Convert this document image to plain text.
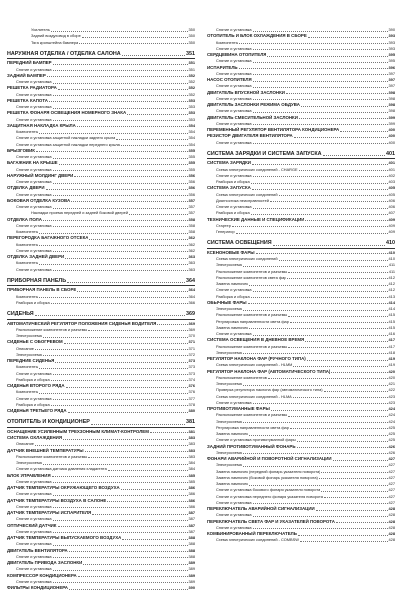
Усилитель	350
Задний воздуховод в сборе	350
Тяга кронштейна бампера	350
НАРУЖНАЯ ОТДЕЛКА / ОТДЕЛКА САЛОНА	351
ПЕРЕДНИЙ БАМПЕР	351
Снятие и установка	351
ЗАДНИЙ БАМПЕР	352
Снятие и установка	352
РЕШЕТКА РАДИАТОРА	352
Снятие и установка	352
РЕШЕТКА КАПОТА	353
Снятие и установка	353
РЕШЕТКА ФОНАРЯ ОСВЕЩЕНИЯ НОМЕРНОГО ЗНАКА	353
Снятие и установка	353
ЗАЩИТНАЯ НАКЛАДКА КРЫЛА	354
Компоненты	354
Снятие и установка защитной накладки заднего крыла	354
Снятие и установка защитной накладки переднего крыла	354
БРЫЗГОВИК	355
Снятие и установка	355
БАГАЖНИК НА КРЫШЕ	355
Снятие и установка	355
НАРУЖНЫЙ МОЛДИНГ ДВЕРИ	356
Снятие и установка	356
ОТДЕЛКА ДВЕРИ	356
Снятие и установка	356
БОКОВАЯ ОТДЕЛКА КУЗОВА	357
Снятие и установка	357
Накладки проема передней и задней боковой дверей	357
ОТДЕЛКА ПОЛА	358
Снятие и установка	358
Компоненты	358
ПЕРЕГОРОДКА БАГАЖНОГО ОТСЕКА	362
Компоненты	362
Снятие и установка	362
ОТДЕЛКА ЗАДНЕЙ ДВЕРИ	363
Компоненты	363
Снятие и установка	363
ПРИБОРНАЯ ПАНЕЛЬ	364
ПРИБОРНАЯ ПАНЕЛЬ В СБОРЕ	364
Компоненты	364
Разборка и сборка	366
СИДЕНЬЯ	369
АВТОМАТИЧЕСКИЙ РЕГУЛЯТОР ПОЛОЖЕНИЯ СИДЕНЬЯ ВОДИТЕЛЯ	369
Расположение компонентов и разъемы	369
Электросхема	370
СИДЕНЬЕ С ОБОГРЕВОМ	371
Описание	371
Электросхема	372
ПЕРЕДНИЕ СИДЕНЬЯ	373
Компоненты	373
Снятие и установка	373
Разборка и сборка	374
СИДЕНЬЯ ВТОРОГО РЯДА	376
Компоненты	376
Снятие и установка	377
Разборка и сборка	378
СИДЕНЬЯ ТРЕТЬЕГО РЯДА	380
ОТОПИТЕЛЬ И КОНДИЦИОНЕР	381
ОСНАЩЕНИЕ УСИЛЕННЫМ ТРЕХЗОННЫМ КЛИМАТ-КОНТРОЛЕМ	381
СИСТЕМА ОХЛАЖДЕНИЯ	383
Описание	383
ДАТЧИК ВНЕШНЕЙ ТЕМПЕРАТУРЫ	383
Расположение компонентов и разъемы	383
Электросхема	384
Снятие и установка датчика давления хладагента	384
БЛОК УПРАВЛЕНИЯ	385
Снятие и установка	385
ДАТЧИК ТЕМПЕРАТУРЫ ОКРУЖАЮЩЕГО ВОЗДУХА	386
Снятие и установка	386
ДАТЧИК ТЕМПЕРАТУРЫ ВОЗДУХА В САЛОНЕ	386
Снятие и установка	386
ДАТЧИК ТЕМПЕРАТУРЫ ИСПАРИТЕЛЯ	387
Снятие и установка	387
ОПТИЧЕСКИЙ ДАТЧИК	387
Снятие и установка	387
ДАТЧИК ТЕМПЕРАТУРЫ ВЫПУСКАЕМОГО ВОЗДУХА	388
Снятие и установка	388
ДВИГАТЕЛЬ ВЕНТИЛЯТОРА	388
Снятие и установка	388
ДВИГАТЕЛЬ ПРИВОДА ЗАСЛОНКИ	389
Снятие и установка	389
КОМПРЕССОР КОНДИЦИОНЕРА	389
Снятие и установка	389
ФИЛЬТРЫ КОНДИЦИОНЕРА	390
Снятие и установка	390
ОТОПИТЕЛЬ И БЛОК ОХЛАЖДЕНИЯ В СБОРЕ	393
Компоненты	393
Снятие и установка	393
СЕРДЦЕВИНА ОТОПИТЕЛЯ	395
Снятие и установка	395
ИСПАРИТЕЛЬ	396
Снятие и установка	397
НАСОС ОТОПИТЕЛЯ	397
Снятие и установка	397
ДВИГАТЕЛЬ ВПУСКНОЙ ЗАСЛОНКИ	398
Снятие и установка	398
ДВИГАТЕЛЬ ЗАСЛОНКИ РЕЖИМА ОБДУВА	398
Снятие и установка	398
ДВИГАТЕЛЬ СМЕСИТЕЛЬНОЙ ЗАСЛОНКИ	399
Снятие и установка	399
ПЕРЕМЕННЫЙ РЕГУЛЯТОР ВЕНТИЛЯТОРА КОНДИЦИОНЕРА	400
РЕЗИСТОР ДВИГАТЕЛЯ ВЕНТИЛЯТОРА	400
Снятие и установка	400
СИСТЕМА ЗАРЯДКИ И СИСТЕМА ЗАПУСКА	401
СИСТЕМА ЗАРЯДКИ	401
Схема электрических соединений - CHARGE	401
Снятие и установка	402
Разборка и сборка	403
СИСТЕМА ЗАПУСКА	405
Схема электрических соединений	405
Диагностика неисправностей	406
Снятие и установка	406
Разборка и сборка	407
ТЕХНИЧЕСКИЕ ДАННЫЕ И СПЕЦИФИКАЦИИ	409
Стартер	409
Генератор	409
СИСТЕМА ОСВЕЩЕНИЯ	410
КСЕНОНОВЫЕ ФАРЫ	410
Схема электрических соединений	410
Электросхема	411
Расположение компонентов и разъемы	411
Расположение компонентов света фар	412
Замена лампочек	412
Снятие и установка	412
Разборка и сборка	413
ОБЫЧНЫЕ ФАРЫ	414
Электросхема	414
Расположение компонентов и разъемы	415
Регулировка направленности света фар	415
Замена лампочек	415
Снятие и установка	416
СИСТЕМА ОСВЕЩЕНИЯ В ДНЕВНОЕ ВРЕМЯ	417
Расположение компонентов и разъемы	417
Электросхема	418
РЕГУЛЯТОР НАКЛОНА ФАР (РУЧНОГО ТИПА)	419
Схема электрических соединений - HLMM	419
РЕГУЛЯТОР НАКЛОНА ФАР (АВТОМАТИЧЕСКОГО ТИПА)	420
Расположение компонентов	420
Электросхема	421
Проверка регулятора наклона фар (автоматического типа)	422
Схема электрических соединений - HLMA	423
Снятие и установка	423
ПРОТИВОТУМАННЫЕ ФАРЫ	424
Расположение компонентов и разъемы	424
Электросхема	424
Регулировка направленности света фар	425
Замена лампочек	425
Снятие и установка противотуманной фары	425
ЗАДНИЙ ПРОТИВОТУМАННЫЙ ФОНАРЬ	426
Электросхема	426
ФОНАРИ АВАРИЙНОЙ И ПОВОРОТНОЙ СИГНАЛИЗАЦИИ	427
Электросхема	427
Замена лампочек (передний фонарь указателя поворота)	427
Замена лампочек (боковой фонарь указателя поворота)	427
Замена лампочек	427
Снятие и установка бокового фонаря указателя поворота	427
Снятие и установка переднего фонаря указателя поворота	427
Снятие и установка	427
ПЕРЕКЛЮЧАТЕЛЬ АВАРИЙНОЙ СИГНАЛИЗАЦИИ	428
Снятие и установка	428
ПЕРЕКЛЮЧАТЕЛЬ СВЕТА ФАР И УКАЗАТЕЛЕЙ ПОВОРОТА	428
Снятие и установка	428
КОМБИНИРОВАННЫЙ ПЕРЕКЛЮЧАТЕЛЬ	428
Схема электрических соединений - COMBSW	428
